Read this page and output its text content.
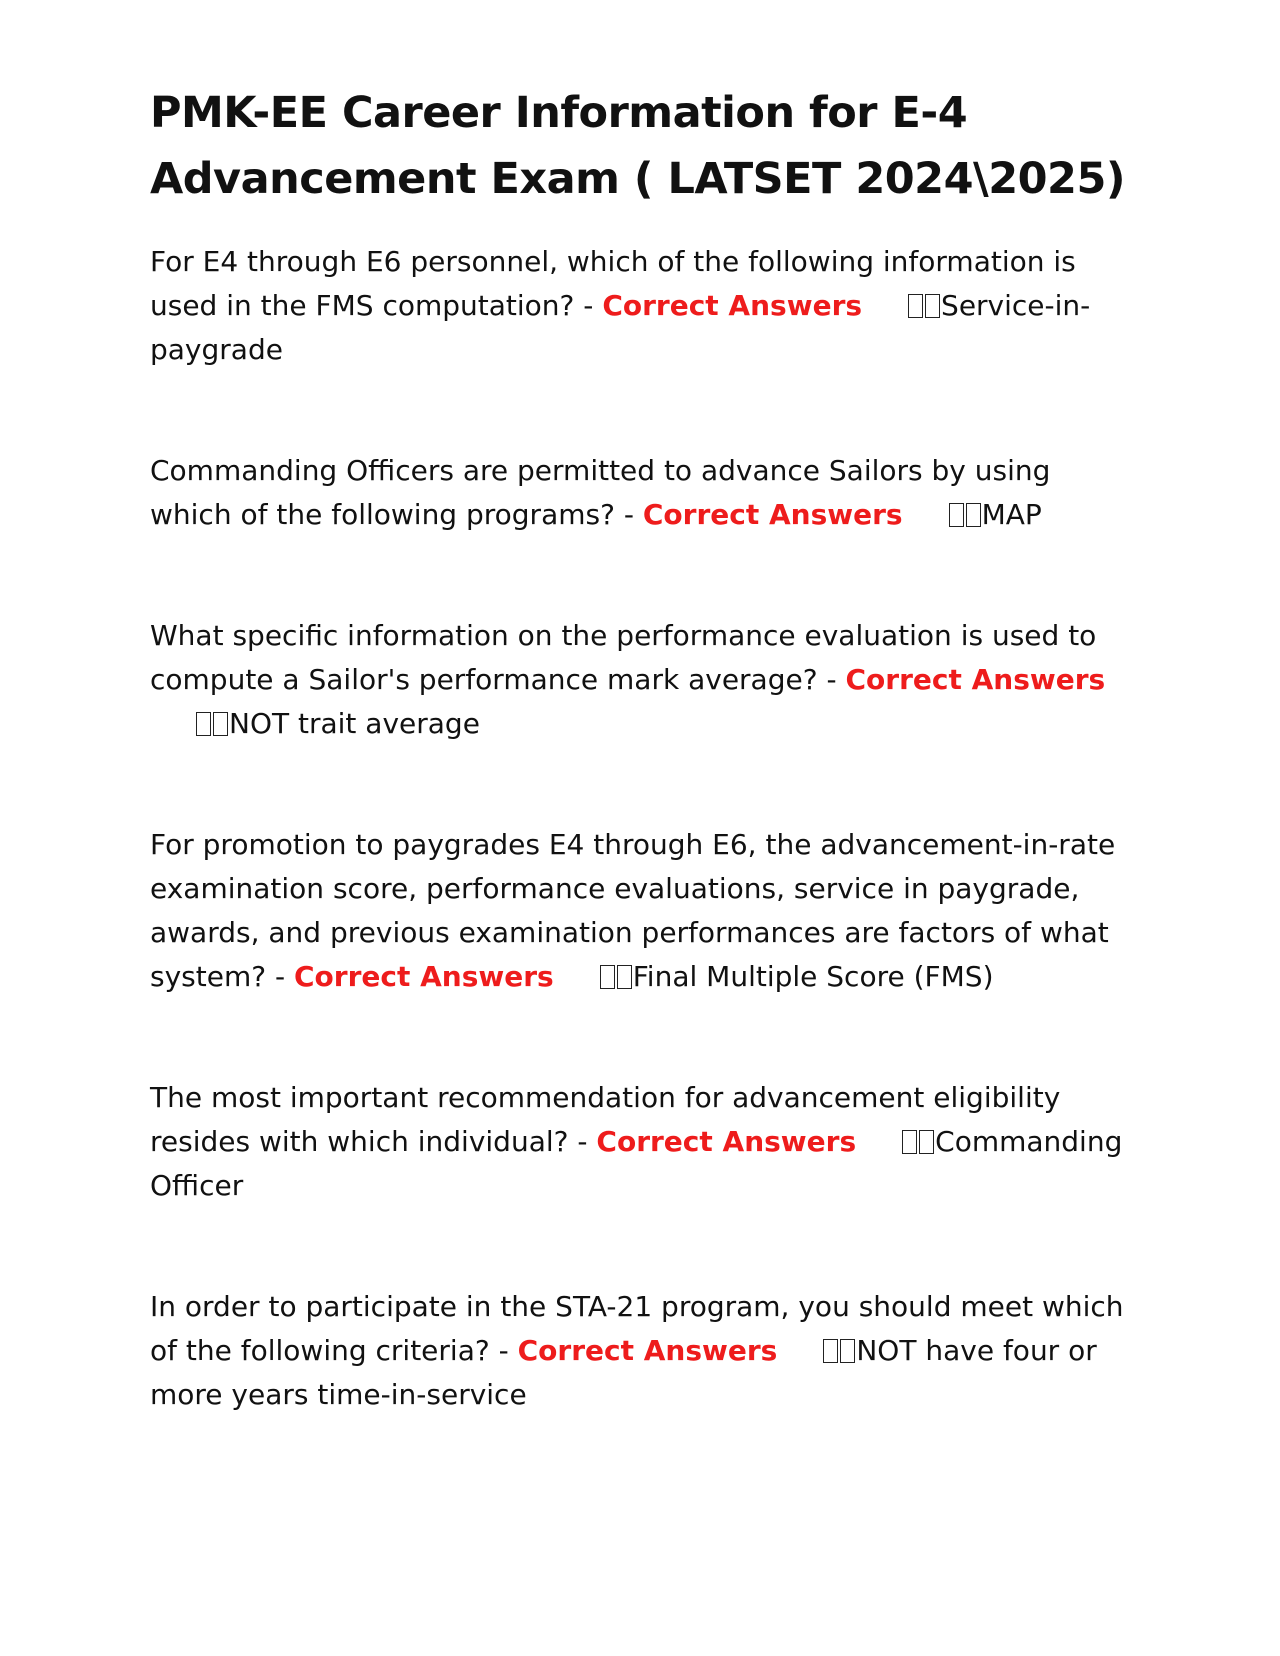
PMK-EE Career Information for E-4 Advancement Exam ( LATSET 2024\2025)

For E4 through E6 personnel, which of the following information is used in the FMS computation? - Correct Answers	Service-in-paygrade

Commanding Officers are permitted to advance Sailors by using which of the following programs? - Correct Answers	MAP

What specific information on the performance evaluation is used to compute a Sailor's performance mark average? - Correct AnswersNOT trait average

For promotion to paygrades E4 through E6, the advancement-in-rate examination score, performance evaluations, service in paygrade, awards, and previous examination performances are factors of what system? - Correct Answers	Final Multiple Score (FMS)

The most important recommendation for advancement eligibility resides with which individual? - Correct Answers	Commanding Officer

In order to participate in the STA-21 program, you should meet which of the following criteria? - Correct Answers	NOT have four or more years time-in-service
